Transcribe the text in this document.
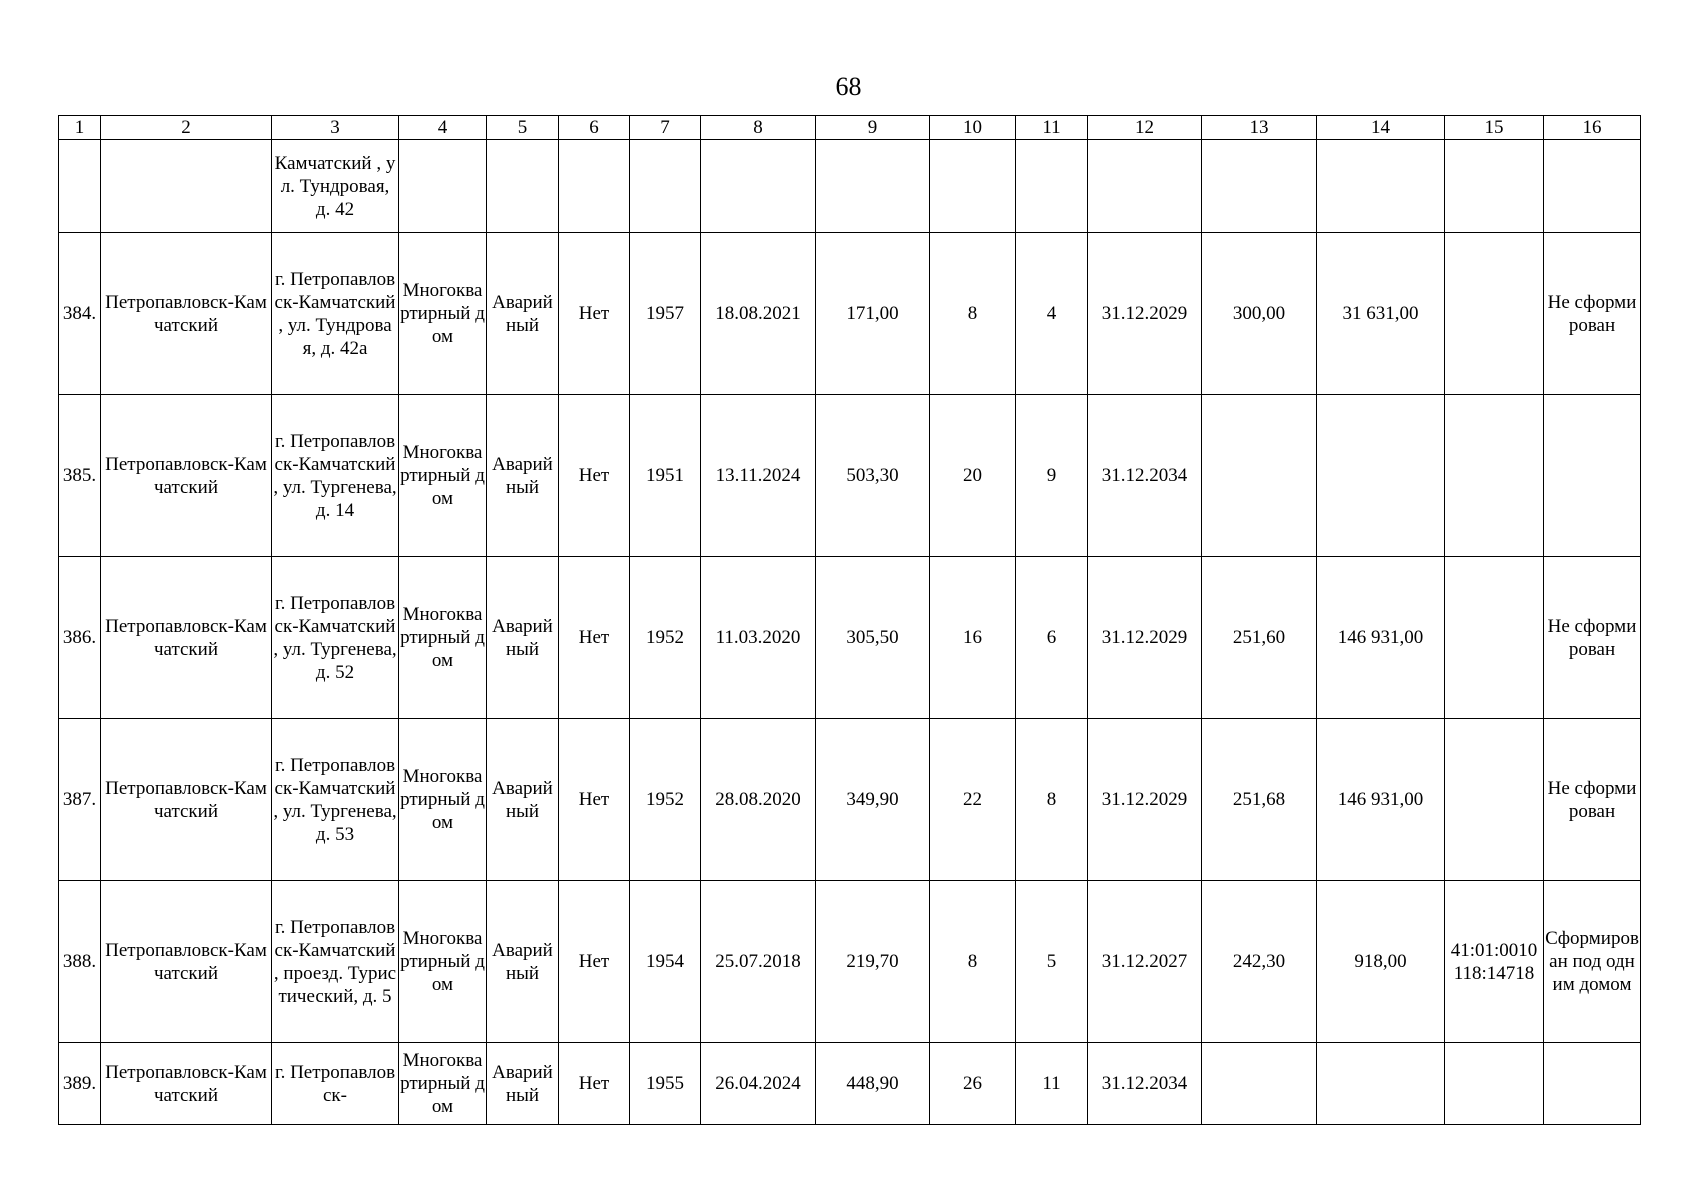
68
1	2	3	4	5	6	7	8	9	10	11	12	13	14	15	16
		Камчатский , ул. Тундровая, д. 42													
384.	Петропавловск-Камчатский	г. Петропавловск-Камчатский , ул. Тундровая, д. 42а	Многоквартирный дом	Аварийный	Нет	1957	18.08.2021	171,00	8	4	31.12.2029	300,00	31 631,00		Не сформирован
385.	Петропавловск-Камчатский	г. Петропавловск-Камчатский , ул. Тургенева, д. 14	Многоквартирный дом	Аварийный	Нет	1951	13.11.2024	503,30	20	9	31.12.2034				
386.	Петропавловск-Камчатский	г. Петропавловск-Камчатский , ул. Тургенева, д. 52	Многоквартирный дом	Аварийный	Нет	1952	11.03.2020	305,50	16	6	31.12.2029	251,60	146 931,00		Не сформирован
387.	Петропавловск-Камчатский	г. Петропавловск-Камчатский , ул. Тургенева, д. 53	Многоквартирный дом	Аварийный	Нет	1952	28.08.2020	349,90	22	8	31.12.2029	251,68	146 931,00		Не сформирован
388.	Петропавловск-Камчатский	г. Петропавловск-Камчатский , проезд. Туристический, д. 5	Многоквартирный дом	Аварийный	Нет	1954	25.07.2018	219,70	8	5	31.12.2027	242,30	918,00	41:01:0010118:14718	Сформирован под одним домом
389.	Петропавловск-Камчатский	г. Петропавловск-	Многоквартирный дом	Аварийный	Нет	1955	26.04.2024	448,90	26	11	31.12.2034				
